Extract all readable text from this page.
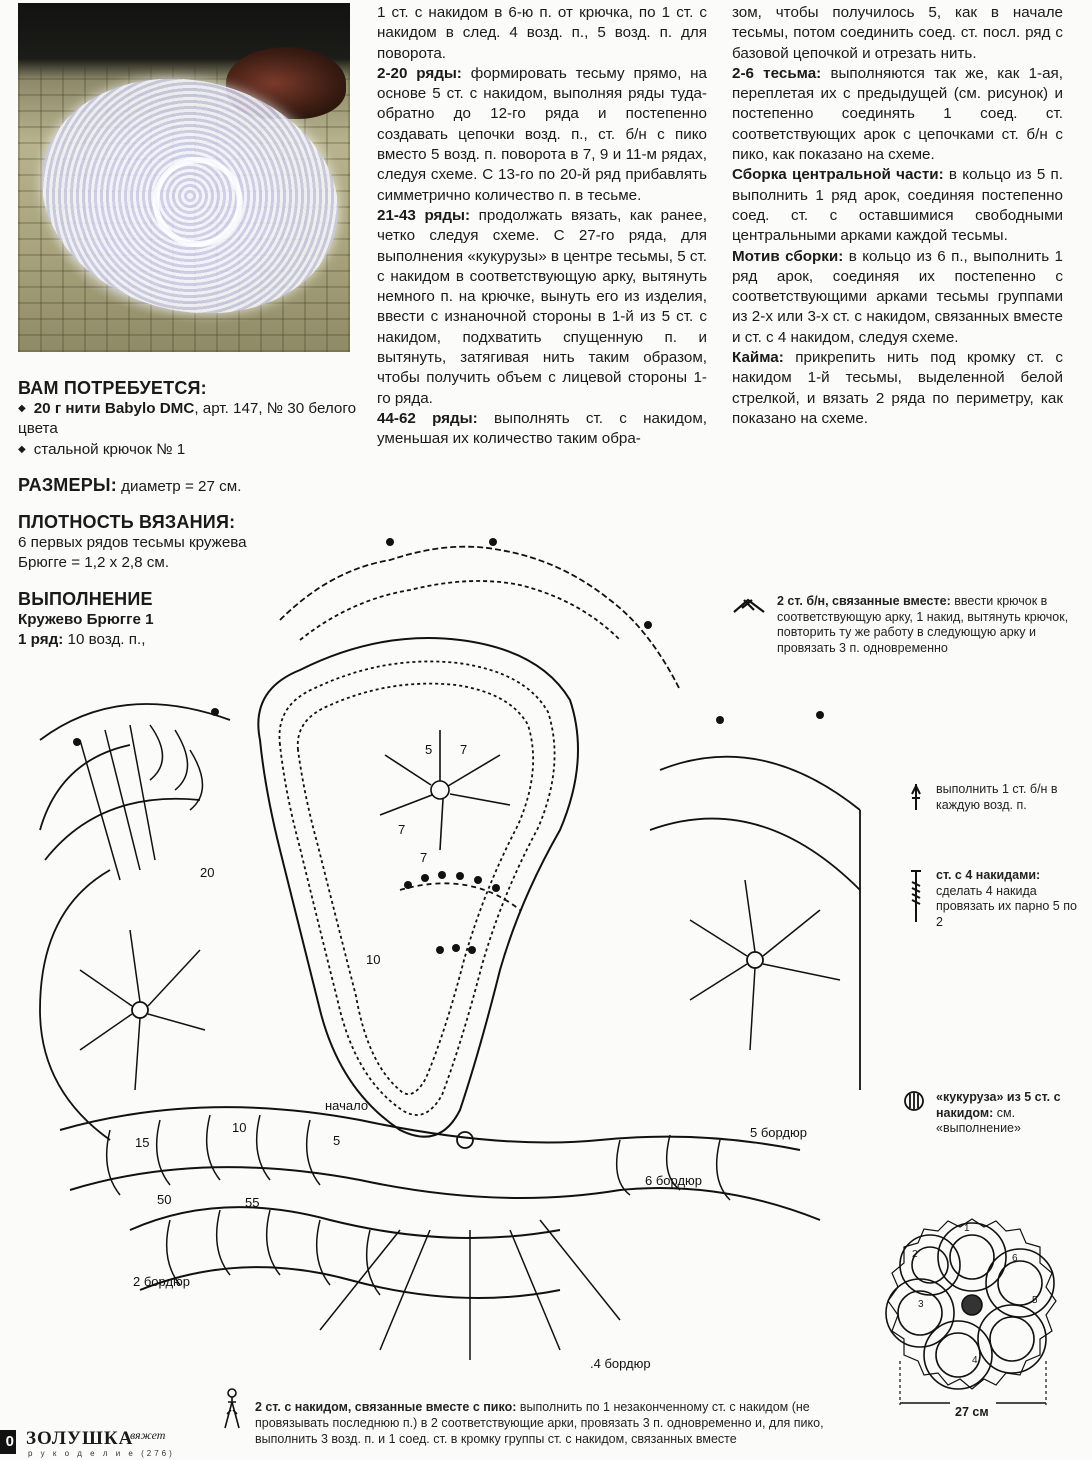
ВАМ ПОТРЕБУЕТСЯ:
◆ 20 г нити Babylo DMC, арт. 147, № 30 белого цвета
◆ стальной крючок № 1
РАЗМЕРЫ: диаметр = 27 см.
ПЛОТНОСТЬ ВЯЗАНИЯ:
6 первых рядов тесьмы кружева
Брюгге = 1,2 х 2,8 см.
ВЫПОЛНЕНИЕ
Кружево Брюгге 1
1 ряд: 10 возд. п.,

1 ст. с накидом в 6-ю п. от крючка, по 1 ст. с накидом в след. 4 возд. п., 5 возд. п. для поворота.

2-20 ряды: формировать тесьму прямо, на основе 5 ст. с накидом, выполняя ряды туда-обратно до 12-го ряда и постепенно создавать цепочки возд. п., ст. б/н с пико вместо 5 возд. п. поворота в 7, 9 и 11-м рядах, следуя схеме. С 13-го по 20-й ряд прибавлять симметрично количество п. в тесьме.

21-43 ряды: продолжать вязать, как ранее, четко следуя схеме. С 27-го ряда, для выполнения «кукурузы» в центре тесьмы, 5 ст. с накидом в соответствующую арку, вытянуть немного п. на крючке, вынуть его из изделия, ввести с изнаночной стороны в 1-й из 5 ст. с накидом, подхватить спущенную п. и вытянуть, затягивая нить таким образом, чтобы получить объем с лицевой стороны 1-го ряда.

44-62 ряды: выполнять ст. с накидом, уменьшая их количество таким обра-

зом, чтобы получилось 5, как в начале тесьмы, потом соединить соед. ст. посл. ряд с базовой цепочкой и отрезать нить.

2-6 тесьма: выполняются так же, как 1-ая, переплетая их с предыдущей (см. рисунок) и постепенно соединять 1 соед. ст. соответствующих арок с цепочками ст. б/н с пико, как показано на схеме.

Сборка центральной части: в кольцо из 5 п. выполнить 1 ряд арок, соединяя постепенно соед. ст. с оставшимися свободными центральными арками каждой тесьмы.

Мотив сборки: в кольцо из 6 п., выполнить 1 ряд арок, соединяя их постепенно с соответствующими арками тесьмы группами из 2-х или 3-х ст. с накидом, связанных вместе и ст. с 4 накидом, следуя схеме.

Кайма: прикрепить нить под кромку ст. с накидом 1-й тесьмы, выделенной белой стрелкой, и вязать 2 ряда по периметру, как показано на схеме.

начало
5 7
7
7
20
10
15
10
5
50	55
2 бордюр
.4 бордюр
5 бордюр
6 бордюр
2 ст. б/н, связанные вместе: ввести крючок в соответствующую арку, 1 накид, вытянуть крючок, повторить ту же работу в следующую арку и провязать 3 п. одновременно
выполнить 1 ст. б/н в каждую возд. п.
ст. с 4 накидами: сделать 4 накида провязать их парно 5 по 2
«кукуруза» из 5 ст. с накидом: см. «выполнение»
2
1
6
3	5
4
27 см
2 ст. с накидом, связанные вместе с пико: выполнить по 1 незаконченному ст. с накидом (не провязывать последнюю п.) в 2 соответствующие арки, провязать 3 п. одновременно и, для пико, выполнить 3 возд. п. и 1 соед. ст. в кромку группы ст. с накидом, связанных вместе
0 ЗОЛУШКА
вяжет
р у к о д е л и е (276)
